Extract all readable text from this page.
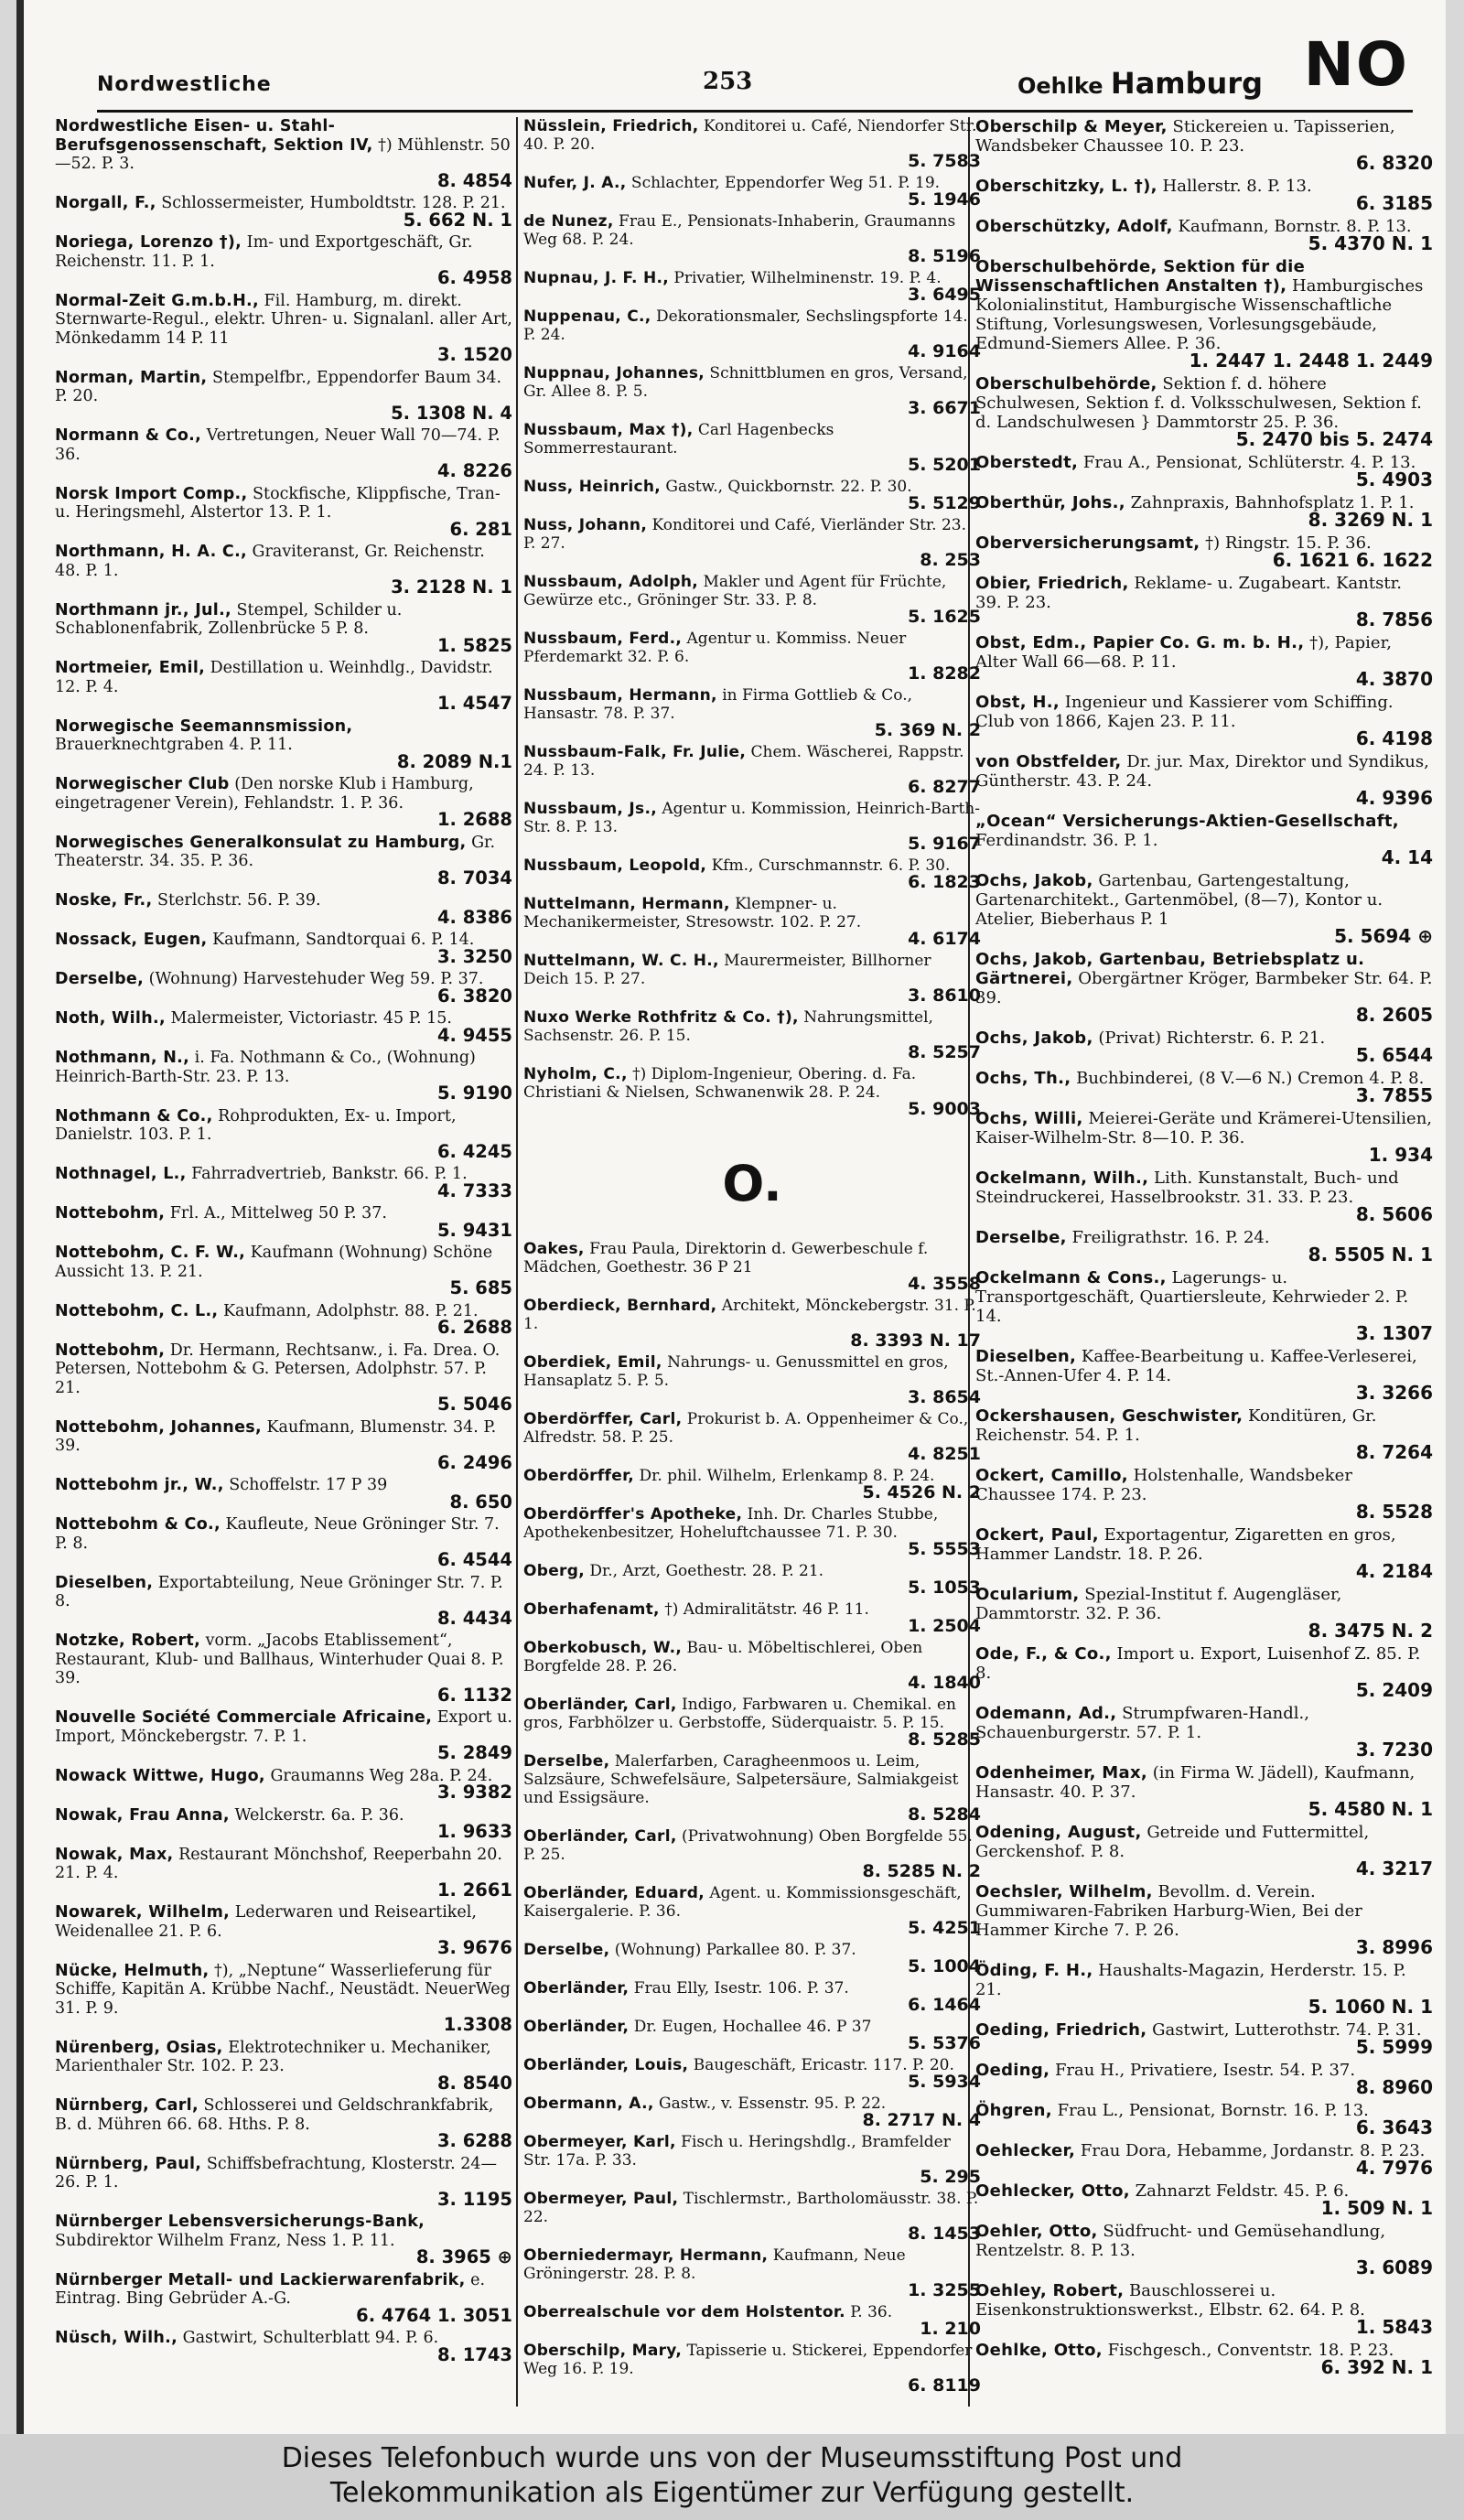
Nordwestliche	253	Oehlke Hamburg NO
Nordwestliche Eisen- u. Stahl-Berufsgenossenschaft, Sektion IV, †) Mühlenstr. 50—52. P. 3.
8. 4854
Norgall, F., Schlossermeister, Humboldtstr. 128. P. 21.
5. 662 N. 1
Noriega, Lorenzo †), Im- und Exportgeschäft, Gr. Reichenstr. 11. P. 1.
6. 4958
Normal-Zeit G.m.b.H., Fil. Hamburg, m. direkt. Sternwarte-Regul., elektr. Uhren- u. Signalanl. aller Art, Mönkedamm 14 P. 11
3. 1520
Norman, Martin, Stempelfbr., Eppendorfer Baum 34. P. 20.
5. 1308 N. 4
Normann & Co., Vertretungen, Neuer Wall 70—74. P. 36.
4. 8226
Norsk Import Comp., Stockfische, Klippfische, Tran- u. Heringsmehl, Alstertor 13. P. 1.
6. 281
Northmann, H. A. C., Graviteranst, Gr. Reichenstr. 48. P. 1.
3. 2128 N. 1
Northmann jr., Jul., Stempel, Schilder u. Schablonenfabrik, Zollenbrücke 5 P. 8.
1. 5825
Nortmeier, Emil, Destillation u. Weinhdlg., Davidstr. 12. P. 4.
1. 4547
Norwegische Seemannsmission, Brauerknechtgraben 4. P. 11.
8. 2089 N.1
Norwegischer Club (Den norske Klub i Hamburg, eingetragener Verein), Fehlandstr. 1. P. 36.
1. 2688
Norwegisches Generalkonsulat zu Hamburg, Gr. Theaterstr. 34. 35. P. 36.
8. 7034
Noske, Fr., Sterlchstr. 56. P. 39.
4. 8386
Nossack, Eugen, Kaufmann, Sandtorquai 6. P. 14.
3. 3250
Derselbe, (Wohnung) Harvestehuder Weg 59. P. 37.
6. 3820
Noth, Wilh., Malermeister, Victoriastr. 45 P. 15.
4. 9455
Nothmann, N., i. Fa. Nothmann & Co., (Wohnung) Heinrich-Barth-Str. 23. P. 13.
5. 9190
Nothmann & Co., Rohprodukten, Ex- u. Import, Danielstr. 103. P. 1.
6. 4245
Nothnagel, L., Fahrradvertrieb, Bankstr. 66. P. 1.
4. 7333
Nottebohm, Frl. A., Mittelweg 50 P. 37.
5. 9431
Nottebohm, C. F. W., Kaufmann (Wohnung) Schöne Aussicht 13. P. 21.
5. 685
Nottebohm, C. L., Kaufmann, Adolphstr. 88. P. 21.
6. 2688
Nottebohm, Dr. Hermann, Rechtsanw., i. Fa. Drea. O. Petersen, Nottebohm & G. Petersen, Adolphstr. 57. P. 21.
5. 5046
Nottebohm, Johannes, Kaufmann, Blumenstr. 34. P. 39.
6. 2496
Nottebohm jr., W., Schoffelstr. 17 P 39
8. 650
Nottebohm & Co., Kaufleute, Neue Gröninger Str. 7. P. 8.
6. 4544
Dieselben, Exportabteilung, Neue Gröninger Str. 7. P. 8.
8. 4434
Notzke, Robert, vorm. „Jacobs Etablissement“, Restaurant, Klub- und Ballhaus, Winterhuder Quai 8. P. 39.
6. 1132
Nouvelle Société Commerciale Africaine, Export u. Import, Mönckebergstr. 7. P. 1.
5. 2849
Nowack Wittwe, Hugo, Graumanns Weg 28a. P. 24.
3. 9382
Nowak, Frau Anna, Welckerstr. 6a. P. 36.
1. 9633
Nowak, Max, Restaurant Mönchshof, Reeperbahn 20. 21. P. 4.
1. 2661
Nowarek, Wilhelm, Lederwaren und Reiseartikel, Weidenallee 21. P. 6.
3. 9676
Nücke, Helmuth, †), „Neptune“ Wasserlieferung für Schiffe, Kapitän A. Krübbe Nachf., Neustädt. NeuerWeg 31. P. 9.
1.3308
Nürenberg, Osias, Elektrotechniker u. Mechaniker, Marienthaler Str. 102. P. 23.
8. 8540
Nürnberg, Carl, Schlosserei und Geldschrankfabrik, B. d. Mühren 66. 68. Hths. P. 8.
3. 6288
Nürnberg, Paul, Schiffsbefrachtung, Klosterstr. 24—26. P. 1.
3. 1195
Nürnberger Lebensversicherungs-Bank, Subdirektor Wilhelm Franz, Ness 1. P. 11.
8. 3965 ⊕
Nürnberger Metall- und Lackierwarenfabrik, e. Eintrag. Bing Gebrüder A.-G.
6. 4764 1. 3051
Nüsch, Wilh., Gastwirt, Schulterblatt 94. P. 6.
8. 1743
Nüsslein, Friedrich, Konditorei u. Café, Niendorfer Str. 40. P. 20.
5. 7583
Nufer, J. A., Schlachter, Eppendorfer Weg 51. P. 19.
5. 1946
de Nunez, Frau E., Pensionats-Inhaberin, Graumanns Weg 68. P. 24.
8. 5196
Nupnau, J. F. H., Privatier, Wilhelminenstr. 19. P. 4.
3. 6495
Nuppenau, C., Dekorationsmaler, Sechslingspforte 14. P. 24.
4. 9164
Nuppnau, Johannes, Schnittblumen en gros, Versand, Gr. Allee 8. P. 5.
3. 6671
Nussbaum, Max †), Carl Hagenbecks Sommerrestaurant.
5. 5201
Nuss, Heinrich, Gastw., Quickbornstr. 22. P. 30.
5. 5129
Nuss, Johann, Konditorei und Café, Vierländer Str. 23. P. 27.
8. 253
Nussbaum, Adolph, Makler und Agent für Früchte, Gewürze etc., Gröninger Str. 33. P. 8.
5. 1625
Nussbaum, Ferd., Agentur u. Kommiss. Neuer Pferdemarkt 32. P. 6.
1. 8282
Nussbaum, Hermann, in Firma Gottlieb & Co., Hansastr. 78. P. 37.
5. 369 N. 2
Nussbaum-Falk, Fr. Julie, Chem. Wäscherei, Rappstr. 24. P. 13.
6. 8277
Nussbaum, Js., Agentur u. Kommission, Heinrich-Barth-Str. 8. P. 13.
5. 9167
Nussbaum, Leopold, Kfm., Curschmannstr. 6. P. 30.
6. 1823
Nuttelmann, Hermann, Klempner- u. Mechanikermeister, Stresowstr. 102. P. 27.
4. 6174
Nuttelmann, W. C. H., Maurermeister, Billhorner Deich 15. P. 27.
3. 8610
Nuxo Werke Rothfritz & Co. †), Nahrungsmittel, Sachsenstr. 26. P. 15.
8. 5257
Nyholm, C., †) Diplom-Ingenieur, Obering. d. Fa. Christiani & Nielsen, Schwanenwik 28. P. 24.
5. 9003
O.
Oakes, Frau Paula, Direktorin d. Gewerbeschule f. Mädchen, Goethestr. 36 P 21
4. 3558
Oberdieck, Bernhard, Architekt, Mönckebergstr. 31. P. 1.
8. 3393 N. 17
Oberdiek, Emil, Nahrungs- u. Genussmittel en gros, Hansaplatz 5. P. 5.
3. 8654
Oberdörffer, Carl, Prokurist b. A. Oppenheimer & Co., Alfredstr. 58. P. 25.
4. 8251
Oberdörffer, Dr. phil. Wilhelm, Erlenkamp 8. P. 24.
5. 4526 N. 2
Oberdörffer's Apotheke, Inh. Dr. Charles Stubbe, Apothekenbesitzer, Hoheluftchaussee 71. P. 30.
5. 5553
Oberg, Dr., Arzt, Goethestr. 28. P. 21.
5. 1053
Oberhafenamt, †) Admiralitätstr. 46 P. 11.
1. 2504
Oberkobusch, W., Bau- u. Möbeltischlerei, Oben Borgfelde 28. P. 26.
4. 1840
Oberländer, Carl, Indigo, Farbwaren u. Chemikal. en gros, Farbhölzer u. Gerbstoffe, Süderquaistr. 5. P. 15.
8. 5285
Derselbe, Malerfarben, Caragheenmoos u. Leim, Salzsäure, Schwefelsäure, Salpetersäure, Salmiakgeist und Essigsäure.
8. 5284
Oberländer, Carl, (Privatwohnung) Oben Borgfelde 55. P. 25.
8. 5285 N. 2
Oberländer, Eduard, Agent. u. Kommissionsgeschäft, Kaisergalerie. P. 36.
5. 4251
Derselbe, (Wohnung) Parkallee 80. P. 37.
5. 1004
Oberländer, Frau Elly, Isestr. 106. P. 37.
6. 1464
Oberländer, Dr. Eugen, Hochallee 46. P 37
5. 5376
Oberländer, Louis, Baugeschäft, Ericastr. 117. P. 20.
5. 5934
Obermann, A., Gastw., v. Essenstr. 95. P. 22.
8. 2717 N. 4
Obermeyer, Karl, Fisch u. Heringshdlg., Bramfelder Str. 17a. P. 33.
5. 295
Obermeyer, Paul, Tischlermstr., Bartholomäusstr. 38. P. 22.
8. 1453
Oberniedermayr, Hermann, Kaufmann, Neue Gröningerstr. 28. P. 8.
1. 3255
Oberrealschule vor dem Holstentor. P. 36.
1. 210
Oberschilp, Mary, Tapisserie u. Stickerei, Eppendorfer Weg 16. P. 19.
6. 8119
Oberschilp & Meyer, Stickereien u. Tapisserien, Wandsbeker Chaussee 10. P. 23.
6. 8320
Oberschitzky, L. †), Hallerstr. 8. P. 13.
6. 3185
Oberschützky, Adolf, Kaufmann, Bornstr. 8. P. 13.
5. 4370 N. 1
Oberschulbehörde, Sektion für die Wissenschaftlichen Anstalten †), Hamburgisches Kolonialinstitut, Hamburgische Wissenschaftliche Stiftung, Vorlesungswesen, Vorlesungsgebäude, Edmund-Siemers Allee. P. 36.
1. 2447 1. 2448 1. 2449
Oberschulbehörde, Sektion f. d. höhere Schulwesen, Sektion f. d. Volksschulwesen, Sektion f. d. Landschulwesen } Dammtorstr 25. P. 36.
5. 2470 bis 5. 2474
Oberstedt, Frau A., Pensionat, Schlüterstr. 4. P. 13.
5. 4903
Oberthür, Johs., Zahnpraxis, Bahnhofsplatz 1. P. 1.
8. 3269 N. 1
Oberversicherungsamt, †) Ringstr. 15. P. 36.
6. 1621 6. 1622
Obier, Friedrich, Reklame- u. Zugabeart. Kantstr. 39. P. 23.
8. 7856
Obst, Edm., Papier Co. G. m. b. H., †), Papier, Alter Wall 66—68. P. 11.
4. 3870
Obst, H., Ingenieur und Kassierer vom Schiffing. Club von 1866, Kajen 23. P. 11.
6. 4198
von Obstfelder, Dr. jur. Max, Direktor und Syndikus, Güntherstr. 43. P. 24.
4. 9396
„Ocean“ Versicherungs-Aktien-Gesellschaft, Ferdinandstr. 36. P. 1.
4. 14
Ochs, Jakob, Gartenbau, Gartengestaltung, Gartenarchitekt., Gartenmöbel, (8—7), Kontor u. Atelier, Bieberhaus P. 1
5. 5694 ⊕
Ochs, Jakob, Gartenbau, Betriebsplatz u. Gärtnerei, Obergärtner Kröger, Barmbeker Str. 64. P. 39.
8. 2605
Ochs, Jakob, (Privat) Richterstr. 6. P. 21.
5. 6544
Ochs, Th., Buchbinderei, (8 V.—6 N.) Cremon 4. P. 8.
3. 7855
Ochs, Willi, Meierei-Geräte und Krämerei-Utensilien, Kaiser-Wilhelm-Str. 8—10. P. 36.
1. 934
Ockelmann, Wilh., Lith. Kunstanstalt, Buch- und Steindruckerei, Hasselbrookstr. 31. 33. P. 23.
8. 5606
Derselbe, Freiligrathstr. 16. P. 24.
8. 5505 N. 1
Ockelmann & Cons., Lagerungs- u. Transportgeschäft, Quartiersleute, Kehrwieder 2. P. 14.
3. 1307
Dieselben, Kaffee-Bearbeitung u. Kaffee-Verleserei, St.-Annen-Ufer 4. P. 14.
3. 3266
Ockershausen, Geschwister, Konditüren, Gr. Reichenstr. 54. P. 1.
8. 7264
Ockert, Camillo, Holstenhalle, Wandsbeker Chaussee 174. P. 23.
8. 5528
Ockert, Paul, Exportagentur, Zigaretten en gros, Hammer Landstr. 18. P. 26.
4. 2184
Ocularium, Spezial-Institut f. Augengläser, Dammtorstr. 32. P. 36.
8. 3475 N. 2
Ode, F., & Co., Import u. Export, Luisenhof Z. 85. P. 8.
5. 2409
Odemann, Ad., Strumpfwaren-Handl., Schauenburgerstr. 57. P. 1.
3. 7230
Odenheimer, Max, (in Firma W. Jädell), Kaufmann, Hansastr. 40. P. 37.
5. 4580 N. 1
Odening, August, Getreide und Futtermittel, Gerckenshof. P. 8.
4. 3217
Oechsler, Wilhelm, Bevollm. d. Verein. Gummiwaren-Fabriken Harburg-Wien, Bei der Hammer Kirche 7. P. 26.
3. 8996
Öding, F. H., Haushalts-Magazin, Herderstr. 15. P. 21.
5. 1060 N. 1
Oeding, Friedrich, Gastwirt, Lutterothstr. 74. P. 31.
5. 5999
Oeding, Frau H., Privatiere, Isestr. 54. P. 37.
8. 8960
Öhgren, Frau L., Pensionat, Bornstr. 16. P. 13.
6. 3643
Oehlecker, Frau Dora, Hebamme, Jordanstr. 8. P. 23.
4. 7976
Oehlecker, Otto, Zahnarzt Feldstr. 45. P. 6.
1. 509 N. 1
Oehler, Otto, Südfrucht- und Gemüsehandlung, Rentzelstr. 8. P. 13.
3. 6089
Oehley, Robert, Bauschlosserei u. Eisenkonstruktionswerkst., Elbstr. 62. 64. P. 8.
1. 5843
Oehlke, Otto, Fischgesch., Conventstr. 18. P. 23.
6. 392 N. 1
Dieses Telefonbuch wurde uns von der Museumsstiftung Post und
Telekommunikation als Eigentümer zur Verfügung gestellt.
